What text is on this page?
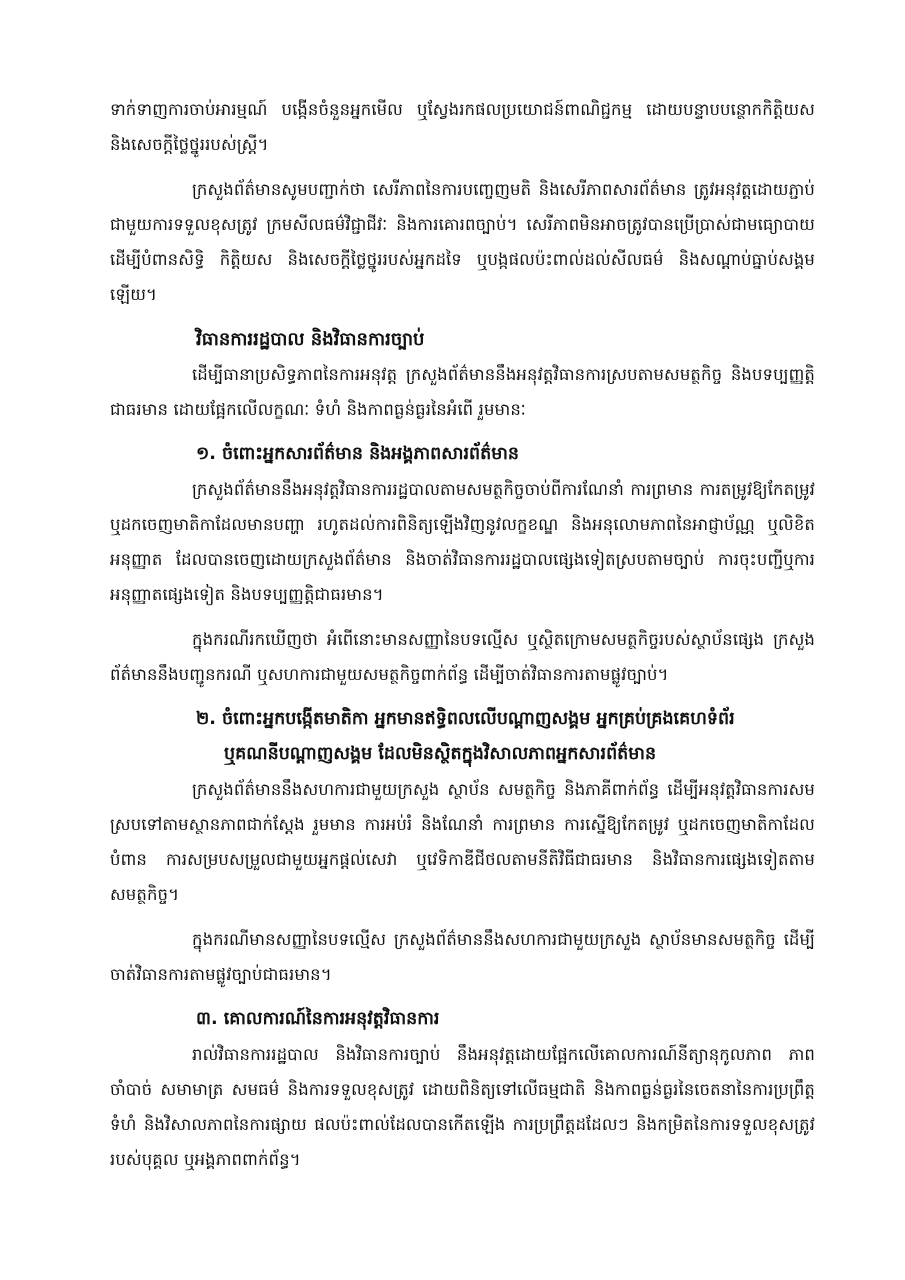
ទាក់ទាញការចាប់អារម្មណ៍ បង្កើនចំនួនអ្នកមើល ឬស្វែងរកផលប្រយោជន៍ពាណិជ្ជកម្ម ដោយបន្ទាបបន្ថោកកិត្តិយស និងសេចក្តីថ្លៃថ្នូររបស់ស្ត្រី។

ក្រសួងព័ត៌មានសូមបញ្ជាក់ថា សេរីភាពនៃការបញ្ចេញមតិ និងសេរីភាពសារព័ត៌មាន ត្រូវអនុវត្តដោយភ្ជាប់ជាមួយការទទួលខុសត្រូវ ក្រមសីលធម៌វិជ្ជាជីវៈ និងការគោរពច្បាប់។ សេរីភាពមិនអាចត្រូវបានប្រើប្រាស់ជាមធ្យោបាយដើម្បីបំពានសិទ្ធិ កិត្តិយស និងសេចក្តីថ្លៃថ្នូររបស់អ្នកដទៃ ឬបង្កផលប៉ះពាល់ដល់សីលធម៌ និងសណ្តាប់ធ្នាប់សង្គមឡើយ។

វិធានការរដ្ឋបាល និងវិធានការច្បាប់

ដើម្បីធានាប្រសិទ្ធភាពនៃការអនុវត្ត ក្រសួងព័ត៌មាននឹងអនុវត្តវិធានការស្របតាមសមត្ថកិច្ច និងបទប្បញ្ញត្តិជាធរមាន ដោយផ្អែកលើលក្ខណៈ ទំហំ និងកាពធ្ងន់ធ្ងរនៃអំពើ រួមមានៈ

១. ចំពោះអ្នកសារព័ត៌មាន និងអង្គភាពសារព័ត៌មាន

ក្រសួងព័ត៌មាននឹងអនុវត្តវិធានការរដ្ឋបាលតាមសមត្ថកិច្ចចាប់ពីការណែនាំ ការព្រមាន ការតម្រូវឱ្យកែតម្រូវ ឬដកចេញមាតិកាដែលមានបញ្ហា រហូតដល់ការពិនិត្យឡើងវិញនូវលក្ខខណ្ឌ និងអនុលោមភាពនៃអាជ្ញាប័ណ្ណ ឬលិខិតអនុញ្ញាត ដែលបានចេញដោយក្រសួងព័ត៌មាន និងចាត់វិធានការរដ្ឋបាលផ្សេងទៀតស្របតាមច្បាប់ ការចុះបញ្ជីឬការអនុញ្ញាតផ្សេងទៀត និងបទប្បញ្ញត្តិជាធរមាន។

ក្នុងករណីរកឃើញថា អំពើនោះមានសញ្ញានៃបទល្មើស ឬស្ថិតក្រោមសមត្ថកិច្ចរបស់ស្ថាប័នផ្សេង ក្រសួងព័ត៌មាននឹងបញ្ជូនករណី ឬសហការជាមួយសមត្ថកិច្ចពាក់ព័ន្ធ ដើម្បីចាត់វិធានការតាមផ្លូវច្បាប់។

២. ចំពោះអ្នកបង្កើតមាតិកា អ្នកមានឥទ្ធិពលលើបណ្តាញសង្គម អ្នកគ្រប់គ្រងគេហទំព័រ
ឬគណនីបណ្តាញសង្គម ដែលមិនស្ថិតក្នុងវិសាលភាពអ្នកសារព័ត៌មាន

ក្រសួងព័ត៌មាននឹងសហការជាមួយក្រសួង ស្ថាប័ន សមត្ថកិច្ច និងភាគីពាក់ព័ន្ធ ដើម្បីអនុវត្តវិធានការសមស្របទៅតាមស្ថានភាពជាក់ស្តែង រួមមាន ការអប់រំ និងណែនាំ ការព្រមាន ការស្នើឱ្យកែតម្រូវ ឬដកចេញមាតិកាដែលបំពាន ការសម្របសម្រួលជាមួយអ្នកផ្តល់សេវា ឬវេទិកាឌីជីថលតាមនីតិវិធីជាធរមាន និងវិធានការផ្សេងទៀតតាមសមត្ថកិច្ច។

ក្នុងករណីមានសញ្ញានៃបទល្មើស ក្រសួងព័ត៌មាននឹងសហការជាមួយក្រសួង ស្ថាប័នមានសមត្ថកិច្ច ដើម្បីចាត់វិធានការតាមផ្លូវច្បាប់ជាធរមាន។

៣. គោលការណ៍នៃការអនុវត្តវិធានការ

រាល់វិធានការរដ្ឋបាល និងវិធានការច្បាប់ នឹងអនុវត្តដោយផ្អែកលើគោលការណ៍នីត្យានុកូលភាព ភាពចាំបាច់ សមាមាត្រ សមធម៌ និងការទទួលខុសត្រូវ ដោយពិនិត្យទៅលើធម្មជាតិ និងកាពធ្ងន់ធ្ងរនៃចេតនានៃការប្រព្រឹត្ត ទំហំ និងវិសាលភាពនៃការផ្សាយ ផលប៉ះពាល់ដែលបានកើតឡើង ការប្រព្រឹត្តដដែលៗ និងកម្រិតនៃការទទួលខុសត្រូវរបស់បុគ្គល ឬអង្គភាពពាក់ព័ន្ធ។
